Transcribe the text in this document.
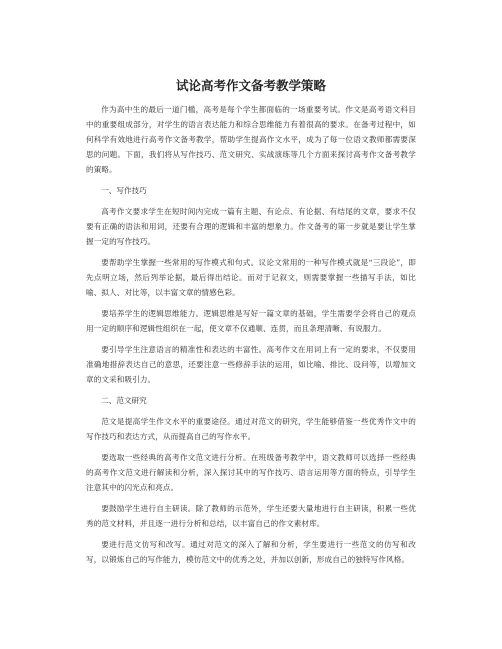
试论高考作文备考教学策略

作为高中生的最后一道门槛，高考是每个学生都面临的一场重要考试。作文是高考语文科目中的重要组成部分，对学生的语言表达能力和综合思维能力有着很高的要求。在备考过程中，如何科学有效地进行高考作文备考教学，帮助学生提高作文水平，成为了每一位语文教师都需要深思的问题。下面，我们将从写作技巧、范文研究、实战演练等几个方面来探讨高考作文备考教学的策略。

一、写作技巧

高考作文要求学生在短时间内完成一篇有主题、有论点、有论据、有结尾的文章，要求不仅要有正确的语法和用词，还要有合理的逻辑和丰富的想象力。作文备考的第一步就是要让学生掌握一定的写作技巧。

要帮助学生掌握一些常用的写作模式和句式。议论文常用的一种写作模式就是“三段论”，即先点明立场，然后列举论据，最后得出结论。而对于记叙文，则需要掌握一些描写手法，如比喻、拟人、对比等，以丰富文章的情感色彩。

要培养学生的逻辑思维能力。逻辑思维是写好一篇文章的基础，学生需要学会将自己的观点用一定的顺序和逻辑性组织在一起，使文章不仅通顺、连贯，而且条理清晰、有说服力。

要引导学生注意语言的精准性和表达的丰富性。高考作文在用词上有一定的要求，不仅要用准确地措辞表达自己的意思，还要注意一些修辞手法的运用，如比喻、排比、设问等，以增加文章的文采和吸引力。

二、范文研究

范文是提高学生作文水平的重要途径。通过对范文的研究，学生能够借鉴一些优秀作文中的写作技巧和表达方式，从而提高自己的写作水平。

要选取一些经典的高考作文范文进行分析。在班级备考教学中，语文教师可以选择一些经典的高考作文范文进行解读和分析，深入探讨其中的写作技巧、语言运用等方面的特点，引导学生注意其中的闪光点和亮点。

要鼓励学生进行自主研读。除了教师的示范外，学生还要大量地进行自主研读，积累一些优秀的范文材料，并且逐一进行分析和总结，以丰富自己的作文素材库。

要进行范文仿写和改写。通过对范文的深入了解和分析，学生要进行一些范文的仿写和改写，以锻炼自己的写作能力，模仿范文中的优秀之处，并加以创新，形成自己的独特写作风格。
